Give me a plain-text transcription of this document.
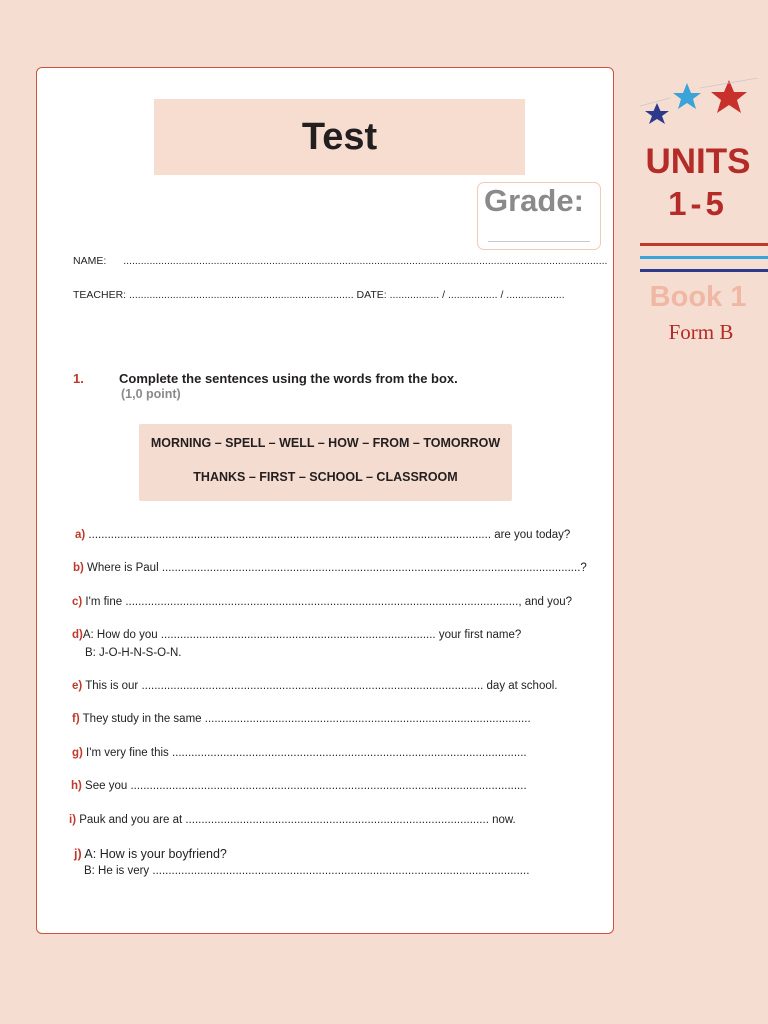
Test
Grade:
NAME: ......................................................................................................................................................................
TEACHER: ............................................................................. DATE: ................. / ................. / ....................
1.	Complete the sentences using the words from the box.
(1,0 point)
MORNING – SPELL – WELL – HOW – FROM – TOMORROW
THANKS – FIRST – SCHOOL – CLASSROOM
a) .............................................................................................................................. are you today?
b) Where is Paul ...................................................................................................................................?
c) I'm fine ..........................................................................................................................., and you?
d)A: How do you ...................................................................................... your first name?
B: J-O-H-N-S-O-N.
e) This is our ........................................................................................................... day at school.
f) They study in the same ......................................................................................................
g) I'm very fine this ...............................................................................................................
h) See you ............................................................................................................................
i) Pauk and you are at ............................................................................................... now.
j) A: How is your boyfriend?
B: He is very ......................................................................................................................
UNITS
1-5
Book 1
Form B
